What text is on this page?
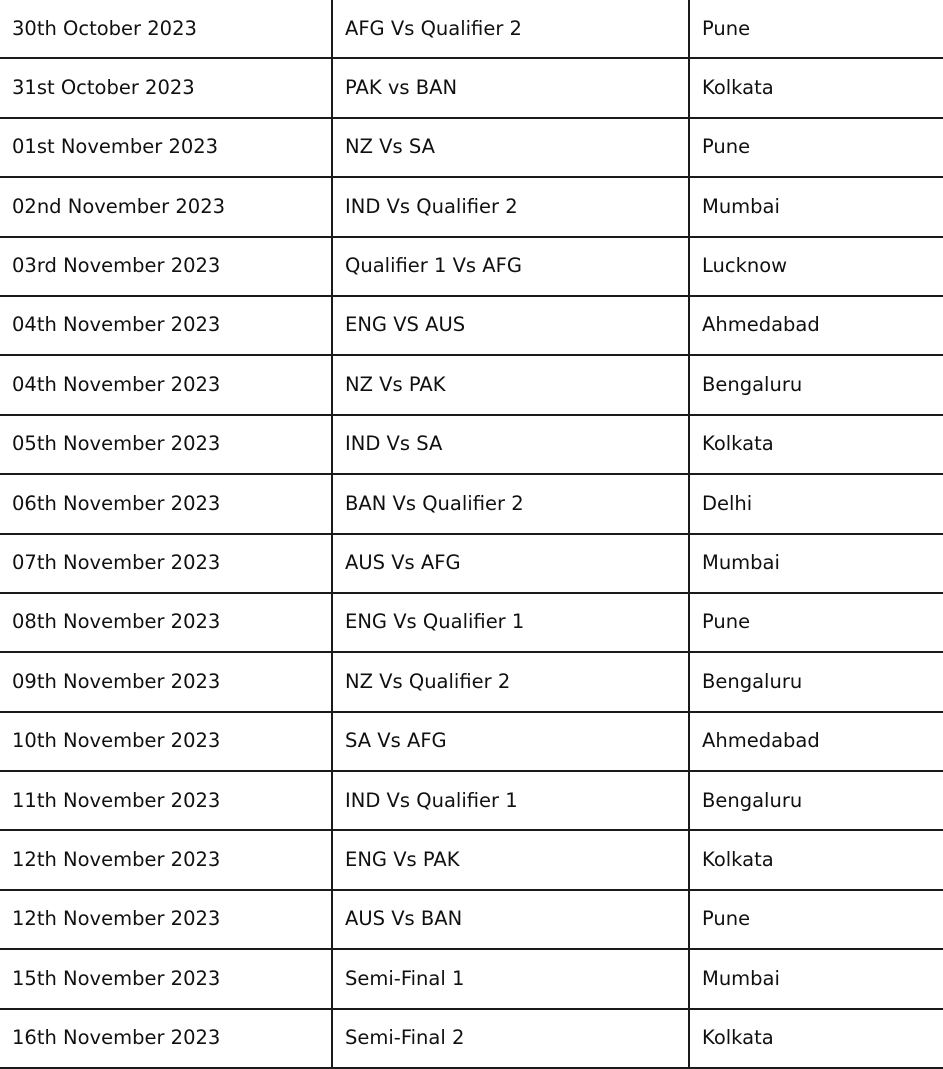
30th October 2023	AFG Vs Qualifier 2	Pune
31st October 2023	PAK vs BAN	Kolkata
01st November 2023	NZ Vs SA	Pune
02nd November 2023	IND Vs Qualifier 2	Mumbai
03rd November 2023	Qualifier 1 Vs AFG	Lucknow
04th November 2023	ENG VS AUS	Ahmedabad
04th November 2023	NZ Vs PAK	Bengaluru
05th November 2023	IND Vs SA	Kolkata
06th November 2023	BAN Vs Qualifier 2	Delhi
07th November 2023	AUS Vs AFG	Mumbai
08th November 2023	ENG Vs Qualifier 1	Pune
09th November 2023	NZ Vs Qualifier 2	Bengaluru
10th November 2023	SA Vs AFG	Ahmedabad
11th November 2023	IND Vs Qualifier 1	Bengaluru
12th November 2023	ENG Vs PAK	Kolkata
12th November 2023	AUS Vs BAN	Pune
15th November 2023	Semi-Final 1	Mumbai
16th November 2023	Semi-Final 2	Kolkata
